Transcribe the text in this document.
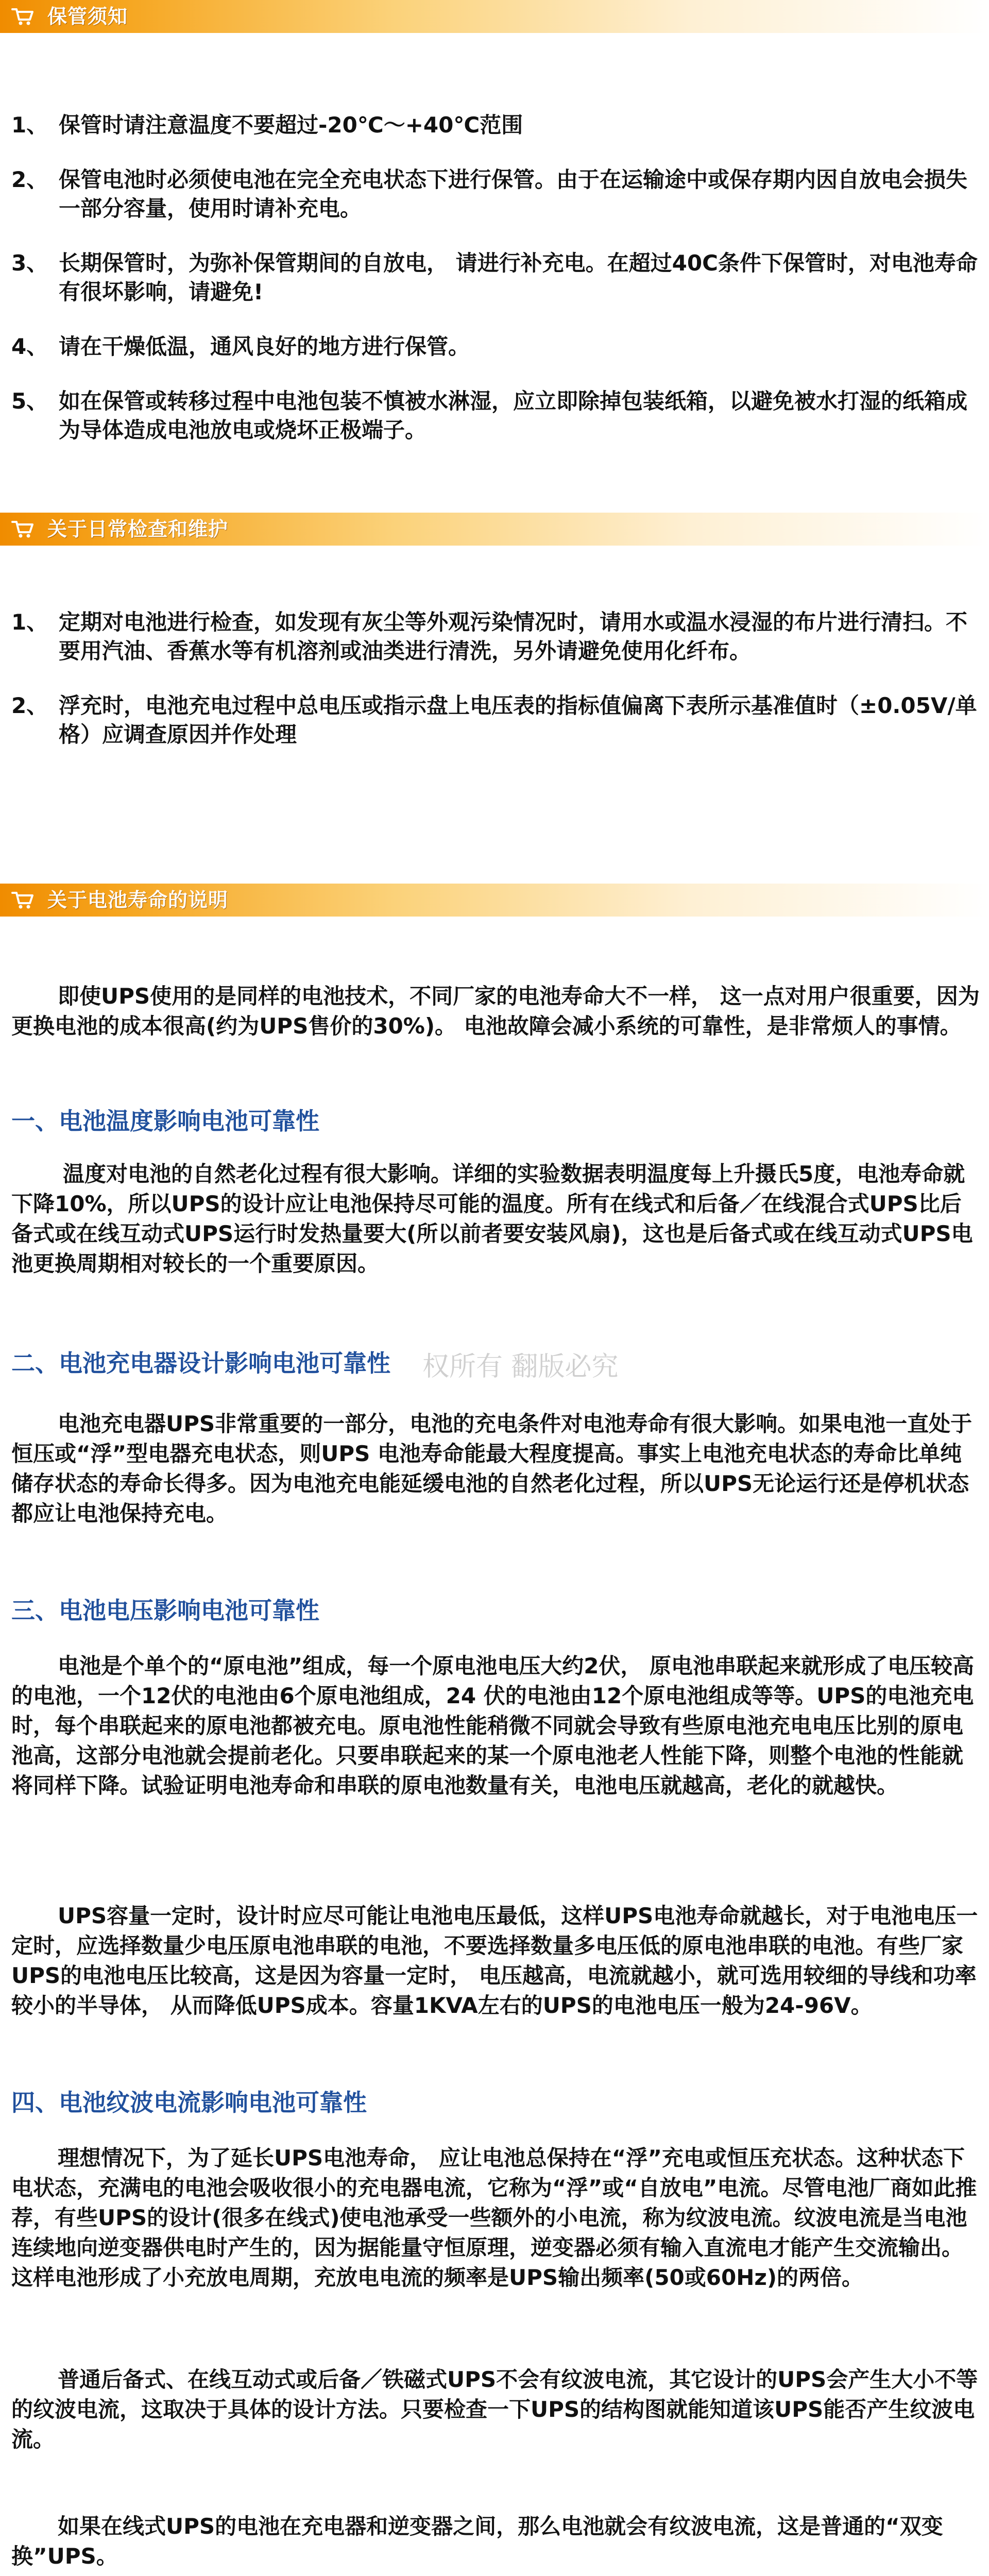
保管须知
1、 保管时请注意温度不要超过-20℃～+40℃范围
2、 保管电池时必须使电池在完全充电状态下进行保管。由于在运输途中或保存期内因自放电会损失一部分容量，使用时请补充电。
3、 长期保管时，为弥补保管期间的自放电， 请进行补充电。在超过40C条件下保管时，对电池寿命有很坏影响，请避免!
4、 请在干燥低温，通风良好的地方进行保管。
5、 如在保管或转移过程中电池包装不慎被水淋湿，应立即除掉包装纸箱，以避免被水打湿的纸箱成为导体造成电池放电或烧坏正极端子。
关于日常检查和维护
1、 定期对电池进行检查，如发现有灰尘等外观污染情况时，请用水或温水浸湿的布片进行清扫。不要用汽油、香蕉水等有机溶剂或油类进行清洗，另外请避免使用化纤布。
2、 浮充时，电池充电过程中总电压或指示盘上电压表的指标值偏离下表所示基准值时（±0.05V/单格）应调查原因并作处理
关于电池寿命的说明
即使UPS使用的是同样的电池技术，不同厂家的电池寿命大不一样， 这一点对用户很重要，因为更换电池的成本很高(约为UPS售价的30%)。 电池故障会减小系统的可靠性，是非常烦人的事情。
一、电池温度影响电池可靠性
温度对电池的自然老化过程有很大影响。详细的实验数据表明温度每上升摄氏5度，电池寿命就下降10%，所以UPS的设计应让电池保持尽可能的温度。所有在线式和后备／在线混合式UPS比后备式或在线互动式UPS运行时发热量要大(所以前者要安装风扇)，这也是后备式或在线互动式UPS电池更换周期相对较长的一个重要原因。
二、电池充电器设计影响电池可靠性
电池充电器UPS非常重要的一部分，电池的充电条件对电池寿命有很大影响。如果电池一直处于恒压或“浮”型电器充电状态，则UPS 电池寿命能最大程度提高。事实上电池充电状态的寿命比单纯储存状态的寿命长得多。因为电池充电能延缓电池的自然老化过程，所以UPS无论运行还是停机状态都应让电池保持充电。
三、电池电压影响电池可靠性
电池是个单个的“原电池”组成，每一个原电池电压大约2伏， 原电池串联起来就形成了电压较高的电池，一个12伏的电池由6个原电池组成，24 伏的电池由12个原电池组成等等。UPS的电池充电时，每个串联起来的原电池都被充电。原电池性能稍微不同就会导致有些原电池充电电压比别的原电池高，这部分电池就会提前老化。只要串联起来的某一个原电池老人性能下降，则整个电池的性能就将同样下降。试验证明电池寿命和串联的原电池数量有关，电池电压就越高，老化的就越快。
UPS容量一定时，设计时应尽可能让电池电压最低，这样UPS电池寿命就越长，对于电池电压一定时，应选择数量少电压原电池串联的电池，不要选择数量多电压低的原电池串联的电池。有些厂家UPS的电池电压比较高，这是因为容量一定时， 电压越高，电流就越小，就可选用较细的导线和功率较小的半导体， 从而降低UPS成本。容量1KVA左右的UPS的电池电压一般为24-96V。
四、电池纹波电流影响电池可靠性
理想情况下，为了延长UPS电池寿命， 应让电池总保持在“浮”充电或恒压充状态。这种状态下电状态，充满电的电池会吸收很小的充电器电流，它称为“浮”或“自放电”电流。尽管电池厂商如此推荐，有些UPS的设计(很多在线式)使电池承受一些额外的小电流，称为纹波电流。纹波电流是当电池连续地向逆变器供电时产生的，因为据能量守恒原理，逆变器必须有输入直流电才能产生交流输出。这样电池形成了小充放电周期，充放电电流的频率是UPS输出频率(50或60Hz)的两倍。
普通后备式、在线互动式或后备／铁磁式UPS不会有纹波电流，其它设计的UPS会产生大小不等的纹波电流，这取决于具体的设计方法。只要检查一下UPS的结构图就能知道该UPS能否产生纹波电流。
如果在线式UPS的电池在充电器和逆变器之间，那么电池就会有纹波电流，这是普通的“双变换”UPS。
权所有 翻版必究
